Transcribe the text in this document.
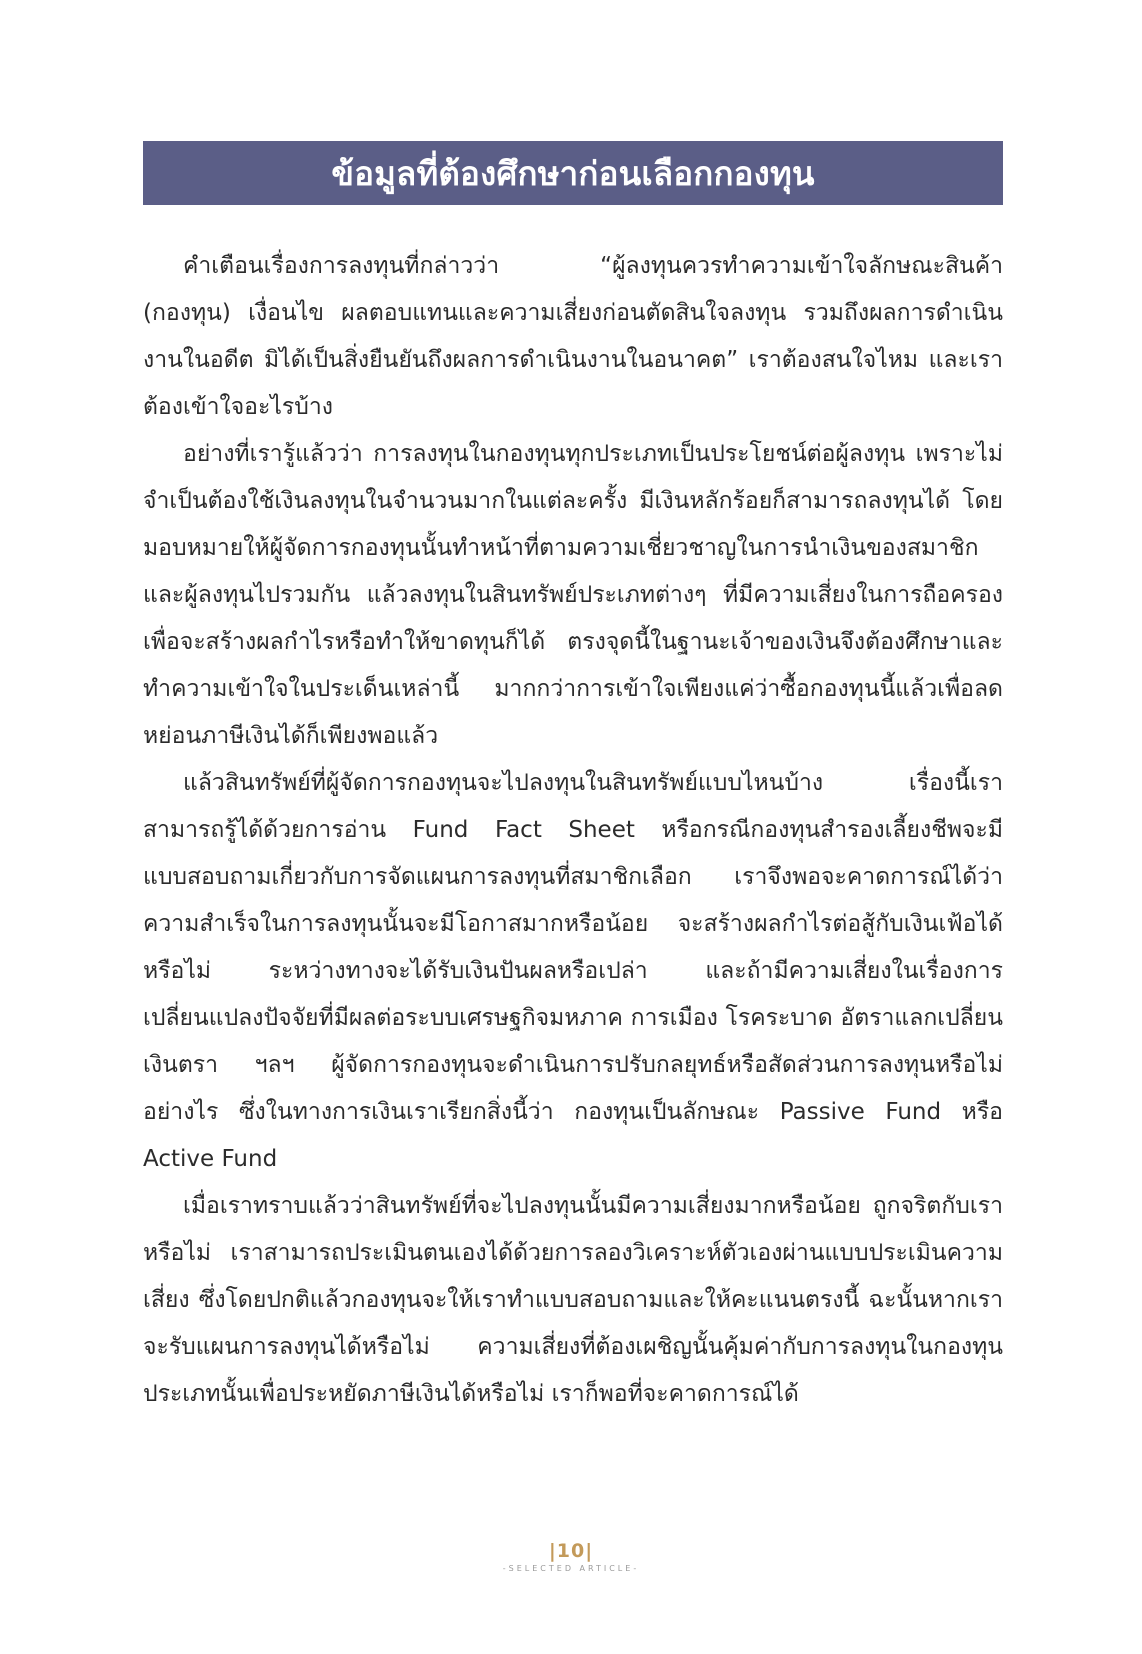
ข้อมูลที่ต้องศึกษาก่อนเลือกกองทุน

คำเตือนเรื่องการลงทุนที่กล่าวว่า “ผู้ลงทุนควรทำความเข้าใจลักษณะสินค้า (กองทุน) เงื่อนไข ผลตอบแทนและความเสี่ยงก่อนตัดสินใจลงทุน รวมถึงผลการดำเนินงานในอดีต มิได้เป็นสิ่งยืนยันถึงผลการดำเนินงานในอนาคต” เราต้องสนใจไหม และเราต้องเข้าใจอะไรบ้าง

อย่างที่เรารู้แล้วว่า การลงทุนในกองทุนทุกประเภทเป็นประโยชน์ต่อผู้ลงทุน เพราะไม่จำเป็นต้องใช้เงินลงทุนในจำนวนมากในแต่ละครั้ง มีเงินหลักร้อยก็สามารถลงทุนได้ โดยมอบหมายให้ผู้จัดการกองทุนนั้นทำหน้าที่ตามความเชี่ยวชาญในการนำเงินของสมาชิกและผู้ลงทุนไปรวมกัน แล้วลงทุนในสินทรัพย์ประเภทต่างๆ ที่มีความเสี่ยงในการถือครอง เพื่อจะสร้างผลกำไรหรือทำให้ขาดทุนก็ได้ ตรงจุดนี้ในฐานะเจ้าของเงินจึงต้องศึกษาและทำความเข้าใจในประเด็นเหล่านี้ มากกว่าการเข้าใจเพียงแค่ว่าซื้อกองทุนนี้แล้วเพื่อลดหย่อนภาษีเงินได้ก็เพียงพอแล้ว

แล้วสินทรัพย์ที่ผู้จัดการกองทุนจะไปลงทุนในสินทรัพย์แบบไหนบ้าง เรื่องนี้เราสามารถรู้ได้ด้วยการอ่าน Fund Fact Sheet หรือกรณีกองทุนสำรองเลี้ยงชีพจะมีแบบสอบถามเกี่ยวกับการจัดแผนการลงทุนที่สมาชิกเลือก เราจึงพอจะคาดการณ์ได้ว่าความสำเร็จในการลงทุนนั้นจะมีโอกาสมากหรือน้อย จะสร้างผลกำไรต่อสู้กับเงินเฟ้อได้หรือไม่ ระหว่างทางจะได้รับเงินปันผลหรือเปล่า และถ้ามีความเสี่ยงในเรื่องการเปลี่ยนแปลงปัจจัยที่มีผลต่อระบบเศรษฐกิจมหภาค การเมือง โรคระบาด อัตราแลกเปลี่ยนเงินตรา ฯลฯ ผู้จัดการกองทุนจะดำเนินการปรับกลยุทธ์หรือสัดส่วนการลงทุนหรือไม่ อย่างไร ซึ่งในทางการเงินเราเรียกสิ่งนี้ว่า กองทุนเป็นลักษณะ Passive Fund หรือ Active Fund

เมื่อเราทราบแล้วว่าสินทรัพย์ที่จะไปลงทุนนั้นมีความเสี่ยงมากหรือน้อย ถูกจริตกับเราหรือไม่ เราสามารถประเมินตนเองได้ด้วยการลองวิเคราะห์ตัวเองผ่านแบบประเมินความเสี่ยง ซึ่งโดยปกติแล้วกองทุนจะให้เราทำแบบสอบถามและให้คะแนนตรงนี้ ฉะนั้นหากเราจะรับแผนการลงทุนได้หรือไม่ ความเสี่ยงที่ต้องเผชิญนั้นคุ้มค่ากับการลงทุนในกองทุนประเภทนั้นเพื่อประหยัดภาษีเงินได้หรือไม่ เราก็พอที่จะคาดการณ์ได้

|10|
-SELECTED ARTICLE-
